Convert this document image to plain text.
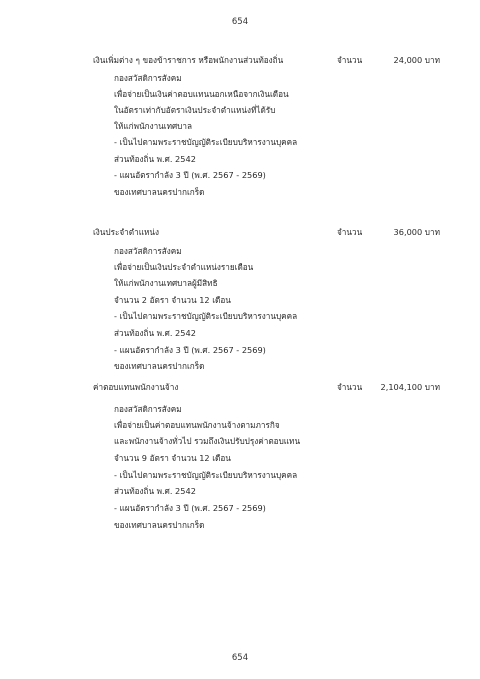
654
เงินเพิ่มต่าง ๆ ของข้าราชการ หรือพนักงานส่วนท้องถิ่น	จำนวน	24,000 บาท
กองสวัสดิการสังคม
เพื่อจ่ายเป็นเงินค่าตอบแทนนอกเหนือจากเงินเดือน
ในอัตราเท่ากับอัตราเงินประจำตำแหน่งที่ได้รับ
ให้แก่พนักงานเทศบาล
- เป็นไปตามพระราชบัญญัติระเบียบบริหารงานบุคคล
ส่วนท้องถิ่น พ.ศ. 2542
- แผนอัตรากำลัง 3 ปี (พ.ศ. 2567 - 2569)
ของเทศบาลนครปากเกร็ด
เงินประจำตำแหน่ง	จำนวน	36,000 บาท
กองสวัสดิการสังคม
เพื่อจ่ายเป็นเงินประจำตำแหน่งรายเดือน
ให้แก่พนักงานเทศบาลผู้มีสิทธิ
จำนวน 2 อัตรา จำนวน 12 เดือน
- เป็นไปตามพระราชบัญญัติระเบียบบริหารงานบุคคล
ส่วนท้องถิ่น พ.ศ. 2542
- แผนอัตรากำลัง 3 ปี (พ.ศ. 2567 - 2569)
ของเทศบาลนครปากเกร็ด
ค่าตอบแทนพนักงานจ้าง	จำนวน 2,104,100 บาท
กองสวัสดิการสังคม
เพื่อจ่ายเป็นค่าตอบแทนพนักงานจ้างตามภารกิจ
และพนักงานจ้างทั่วไป รวมถึงเงินปรับปรุงค่าตอบแทน
จำนวน 9 อัตรา จำนวน 12 เดือน
- เป็นไปตามพระราชบัญญัติระเบียบบริหารงานบุคคล
ส่วนท้องถิ่น พ.ศ. 2542
- แผนอัตรากำลัง 3 ปี (พ.ศ. 2567 - 2569)
ของเทศบาลนครปากเกร็ด
654
